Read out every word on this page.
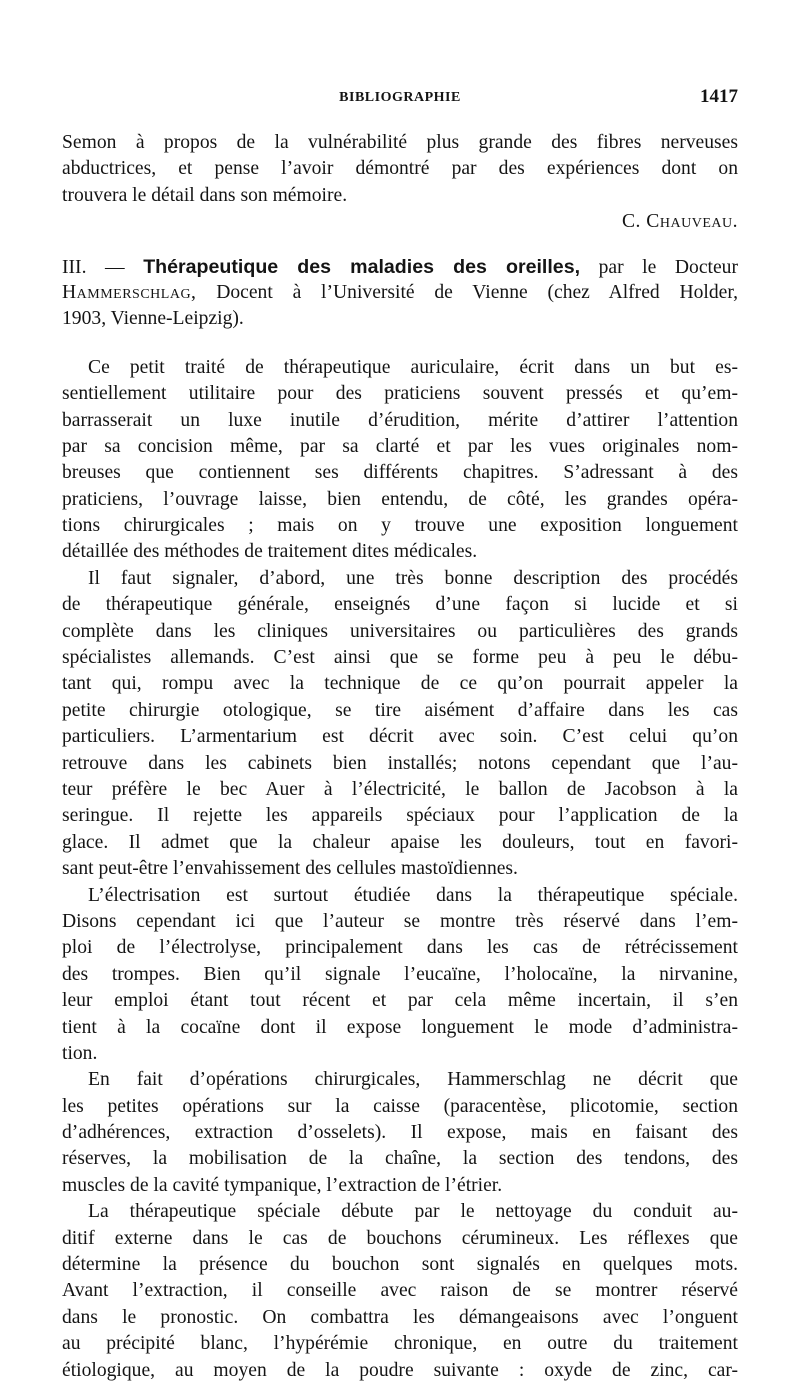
BIBLIOGRAPHIE	1417
Semon à propos de la vulnérabilité plus grande des fibres nerveuses
abductrices, et pense l’avoir démontré par des expériences dont on
trouvera le détail dans son mémoire.
C. Chauveau.
III. — Thérapeutique des maladies des oreilles, par le Docteur
Hammerschlag, Docent à l’Université de Vienne (chez Alfred Holder,
1903, Vienne-Leipzig).
Ce petit traité de thérapeutique auriculaire, écrit dans un but es-
sentiellement utilitaire pour des praticiens souvent pressés et qu’em-
barrasserait un luxe inutile d’érudition, mérite d’attirer l’attention
par sa concision même, par sa clarté et par les vues originales nom-
breuses que contiennent ses différents chapitres. S’adressant à des
praticiens, l’ouvrage laisse, bien entendu, de côté, les grandes opéra-
tions chirurgicales ; mais on y trouve une exposition longuement
détaillée des méthodes de traitement dites médicales.
Il faut signaler, d’abord, une très bonne description des procédés
de thérapeutique générale, enseignés d’une façon si lucide et si
complète dans les cliniques universitaires ou particulières des grands
spécialistes allemands. C’est ainsi que se forme peu à peu le débu-
tant qui, rompu avec la technique de ce qu’on pourrait appeler la
petite chirurgie otologique, se tire aisément d’affaire dans les cas
particuliers. L’armentarium est décrit avec soin. C’est celui qu’on
retrouve dans les cabinets bien installés; notons cependant que l’au-
teur préfère le bec Auer à l’électricité, le ballon de Jacobson à la
seringue. Il rejette les appareils spéciaux pour l’application de la
glace. Il admet que la chaleur apaise les douleurs, tout en favori-
sant peut-être l’envahissement des cellules mastoïdiennes.
L’électrisation est surtout étudiée dans la thérapeutique spéciale.
Disons cependant ici que l’auteur se montre très réservé dans l’em-
ploi de l’électrolyse, principalement dans les cas de rétrécissement
des trompes. Bien qu’il signale l’eucaïne, l’holocaïne, la nirvanine,
leur emploi étant tout récent et par cela même incertain, il s’en
tient à la cocaïne dont il expose longuement le mode d’administra-
tion.
En fait d’opérations chirurgicales, Hammerschlag ne décrit que
les petites opérations sur la caisse (paracentèse, plicotomie, section
d’adhérences, extraction d’osselets). Il expose, mais en faisant des
réserves, la mobilisation de la chaîne, la section des tendons, des
muscles de la cavité tympanique, l’extraction de l’étrier.
La thérapeutique spéciale débute par le nettoyage du conduit au-
ditif externe dans le cas de bouchons cérumineux. Les réflexes que
détermine la présence du bouchon sont signalés en quelques mots.
Avant l’extraction, il conseille avec raison de se montrer réservé
dans le pronostic. On combattra les démangeaisons avec l’onguent
au précipité blanc, l’hypérémie chronique, en outre du traitement
étiologique, au moyen de la poudre suivante : oxyde de zinc, car-
